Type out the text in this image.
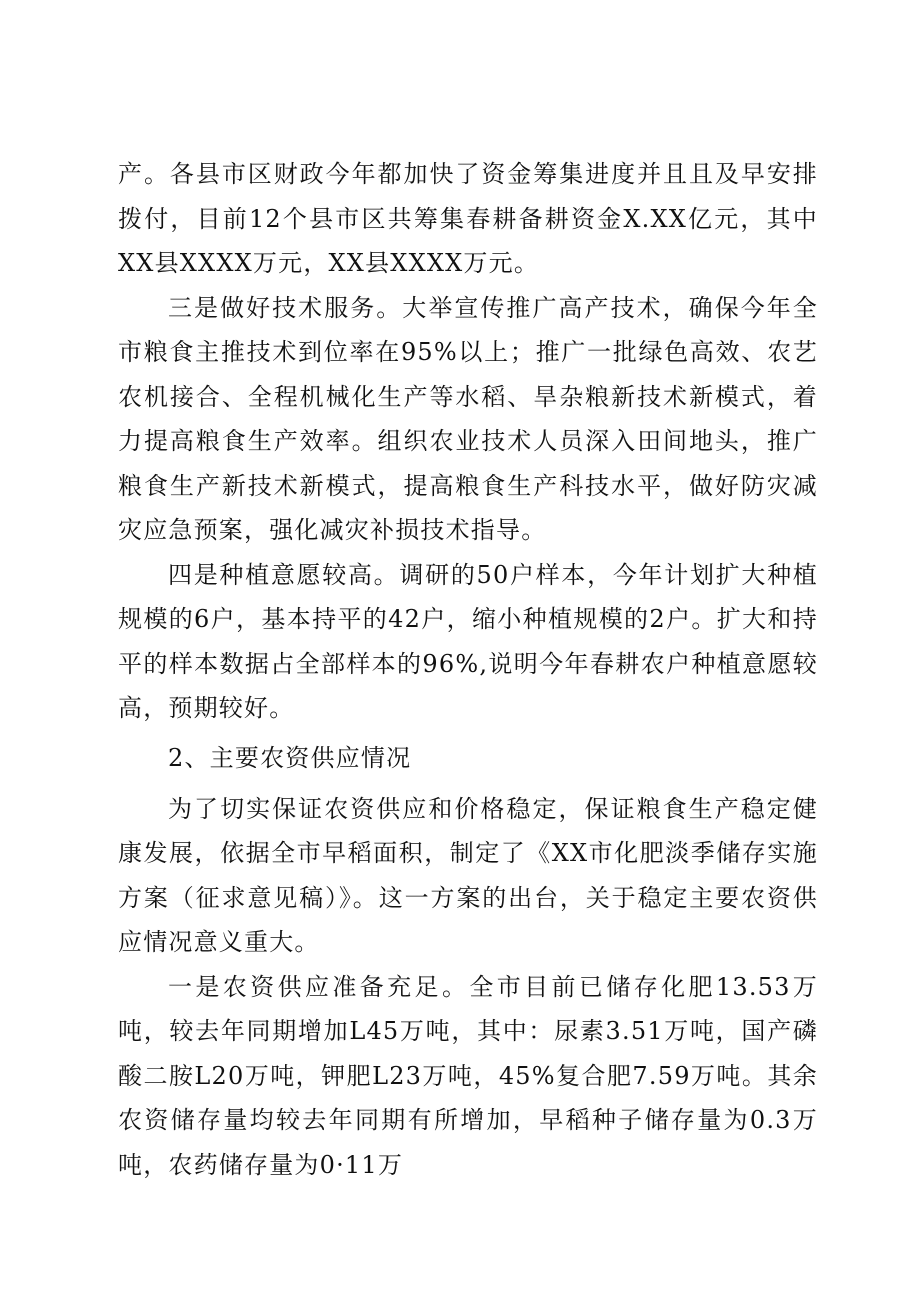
产。各县市区财政今年都加快了资金筹集进度并且且及早安排拨付，目前12个县市区共筹集春耕备耕资金X.XX亿元，其中XX县XXXX万元，XX县XXXX万元。

三是做好技术服务。大举宣传推广高产技术，确保今年全市粮食主推技术到位率在95%以上；推广一批绿色高效、农艺农机接合、全程机械化生产等水稻、旱杂粮新技术新模式，着力提高粮食生产效率。组织农业技术人员深入田间地头，推广粮食生产新技术新模式，提高粮食生产科技水平，做好防灾减灾应急预案，强化减灾补损技术指导。

四是种植意愿较高。调研的50户样本，今年计划扩大种植规模的6户，基本持平的42户，缩小种植规模的2户。扩大和持平的样本数据占全部样本的96%,说明今年春耕农户种植意愿较高，预期较好。

2、主要农资供应情况

为了切实保证农资供应和价格稳定，保证粮食生产稳定健康发展，依据全市早稻面积，制定了《XX市化肥淡季储存实施方案（征求意见稿）》。这一方案的出台，关于稳定主要农资供应情况意义重大。

一是农资供应准备充足。全市目前已储存化肥13.53万吨，较去年同期增加L45万吨，其中：尿素3.51万吨，国产磷酸二胺L20万吨，钾肥L23万吨，45%复合肥7.59万吨。其余农资储存量均较去年同期有所增加，早稻种子储存量为0.3万吨，农药储存量为0·11万
